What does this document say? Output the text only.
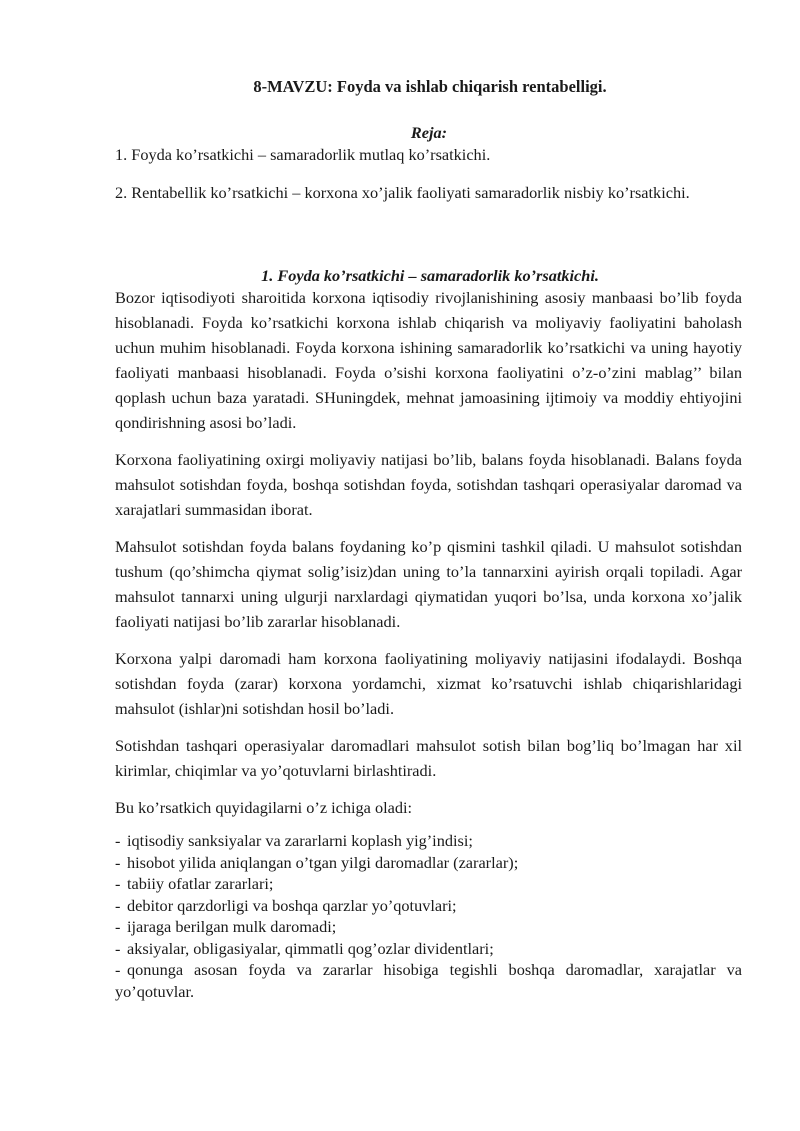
8-MAVZU: Foyda va ishlab chiqarish rentabelligi.
Reja:
1. Foyda ko’rsatkichi – samaradorlik mutlaq ko’rsatkichi.
2. Rentabellik ko’rsatkichi – korxona xo’jalik faoliyati samaradorlik nisbiy ko’rsatkichi.
1. Foyda ko’rsatkichi – samaradorlik ko’rsatkichi.

Bozor iqtisodiyoti sharoitida korxona iqtisodiy rivojlanishining asosiy manbaasi bo’lib foyda hisoblanadi. Foyda ko’rsatkichi korxona ishlab chiqarish va moliyaviy faoliyatini baholash uchun muhim hisoblanadi. Foyda korxona ishining samaradorlik ko’rsatkichi va uning hayotiy faoliyati manbaasi hisoblanadi. Foyda o’sishi korxona faoliyatini o’z-o’zini mablag’’ bilan qoplash uchun baza yaratadi. SHuningdek, mehnat jamoasining ijtimoiy va moddiy ehtiyojini qondirishning asosi bo’ladi.

Korxona faoliyatining oxirgi moliyaviy natijasi bo’lib, balans foyda hisoblanadi. Balans foyda mahsulot sotishdan foyda, boshqa sotishdan foyda, sotishdan tashqari operasiyalar daromad va xarajatlari summasidan iborat.

Mahsulot sotishdan foyda balans foydaning ko’p qismini tashkil qiladi. U mahsulot sotishdan tushum (qo’shimcha qiymat solig’isiz)dan uning to’la tannarxini ayirish orqali topiladi. Agar mahsulot tannarxi uning ulgurji narxlardagi qiymatidan yuqori bo’lsa, unda korxona xo’jalik faoliyati natijasi bo’lib zararlar hisoblanadi.

Korxona yalpi daromadi ham korxona faoliyatining moliyaviy natijasini ifodalaydi. Boshqa sotishdan foyda (zarar) korxona yordamchi, xizmat ko’rsatuvchi ishlab chiqarishlaridagi mahsulot (ishlar)ni sotishdan hosil bo’ladi.

Sotishdan tashqari operasiyalar daromadlari mahsulot sotish bilan bog’liq bo’lmagan har xil kirimlar, chiqimlar va yo’qotuvlarni birlashtiradi.

Bu ko’rsatkich quyidagilarni o’z ichiga oladi:

- iqtisodiy sanksiyalar va zararlarni koplash yig’indisi;
- hisobot yilida aniqlangan o’tgan yilgi daromadlar (zararlar);
- tabiiy ofatlar zararlari;
- debitor qarzdorligi va boshqa qarzlar yo’qotuvlari;
- ijaraga berilgan mulk daromadi;
- aksiyalar, obligasiyalar, qimmatli qog’ozlar dividentlari;
- qonunga asosan foyda va zararlar hisobiga tegishli boshqa daromadlar, xarajatlar va yo’qotuvlar.
